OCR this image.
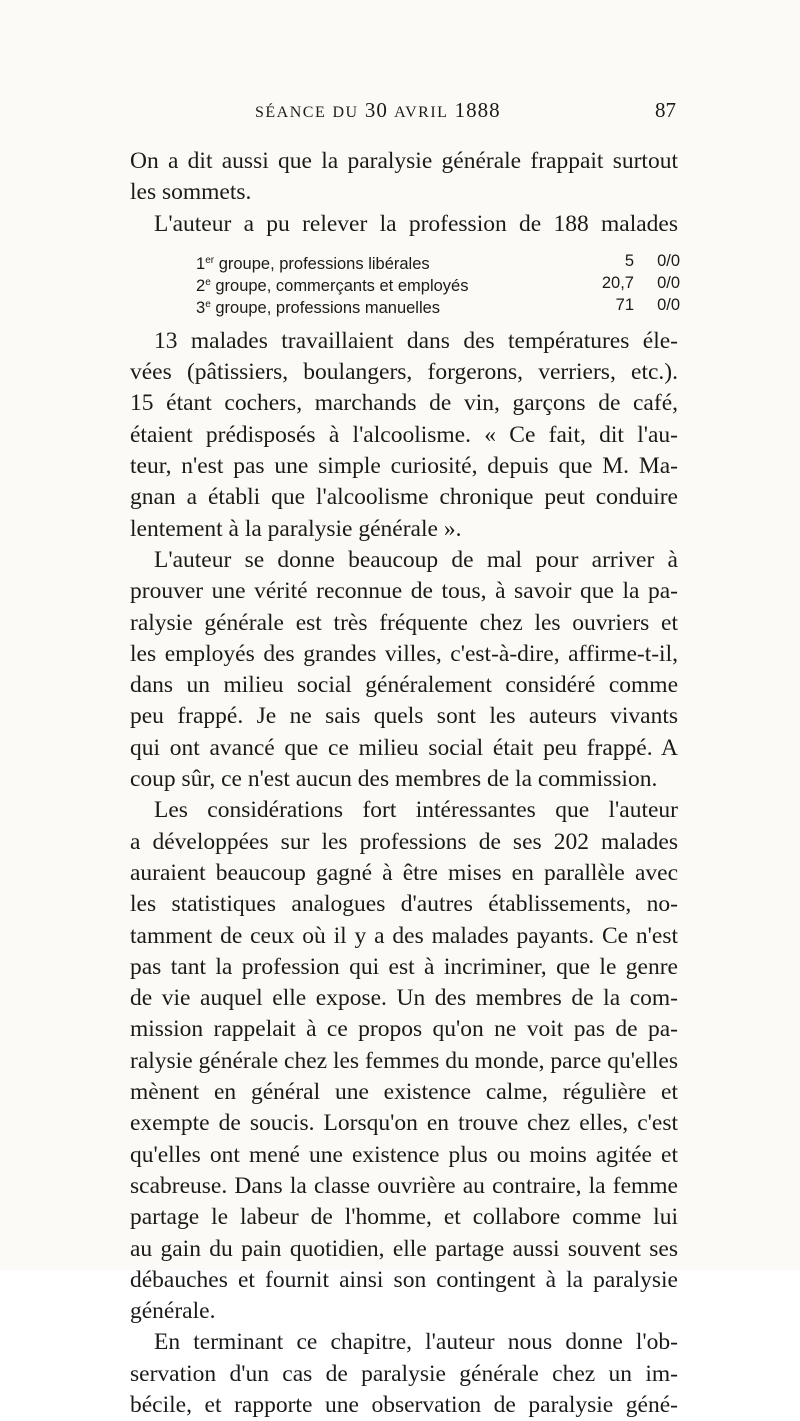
SÉANCE DU 30 AVRIL 1888	87
On a dit aussi que la paralysie générale frappait surtout
les sommets.
L'auteur a pu relever la profession de 188 malades
1er groupe, professions libérales	5	0/0
2e groupe, commerçants et employés	20,7	0/0
3e groupe, professions manuelles	71	0/0
13 malades travaillaient dans des températures éle-
vées (pâtissiers, boulangers, forgerons, verriers, etc.).
15 étant cochers, marchands de vin, garçons de café,
étaient prédisposés à l'alcoolisme. « Ce fait, dit l'au-
teur, n'est pas une simple curiosité, depuis que M. Ma-
gnan a établi que l'alcoolisme chronique peut conduire
lentement à la paralysie générale ».
L'auteur se donne beaucoup de mal pour arriver à
prouver une vérité reconnue de tous, à savoir que la pa-
ralysie générale est très fréquente chez les ouvriers et
les employés des grandes villes, c'est-à-dire, affirme-t-il,
dans un milieu social généralement considéré comme
peu frappé. Je ne sais quels sont les auteurs vivants
qui ont avancé que ce milieu social était peu frappé. A
coup sûr, ce n'est aucun des membres de la commission.
Les considérations fort intéressantes que l'auteur
a développées sur les professions de ses 202 malades
auraient beaucoup gagné à être mises en parallèle avec
les statistiques analogues d'autres établissements, no-
tamment de ceux où il y a des malades payants. Ce n'est
pas tant la profession qui est à incriminer, que le genre
de vie auquel elle expose. Un des membres de la com-
mission rappelait à ce propos qu'on ne voit pas de pa-
ralysie générale chez les femmes du monde, parce qu'elles
mènent en général une existence calme, régulière et
exempte de soucis. Lorsqu'on en trouve chez elles, c'est
qu'elles ont mené une existence plus ou moins agitée et
scabreuse. Dans la classe ouvrière au contraire, la femme
partage le labeur de l'homme, et collabore comme lui
au gain du pain quotidien, elle partage aussi souvent ses
débauches et fournit ainsi son contingent à la paralysie
générale.
En terminant ce chapitre, l'auteur nous donne l'ob-
servation d'un cas de paralysie générale chez un im-
bécile, et rapporte une observation de paralysie géné-
